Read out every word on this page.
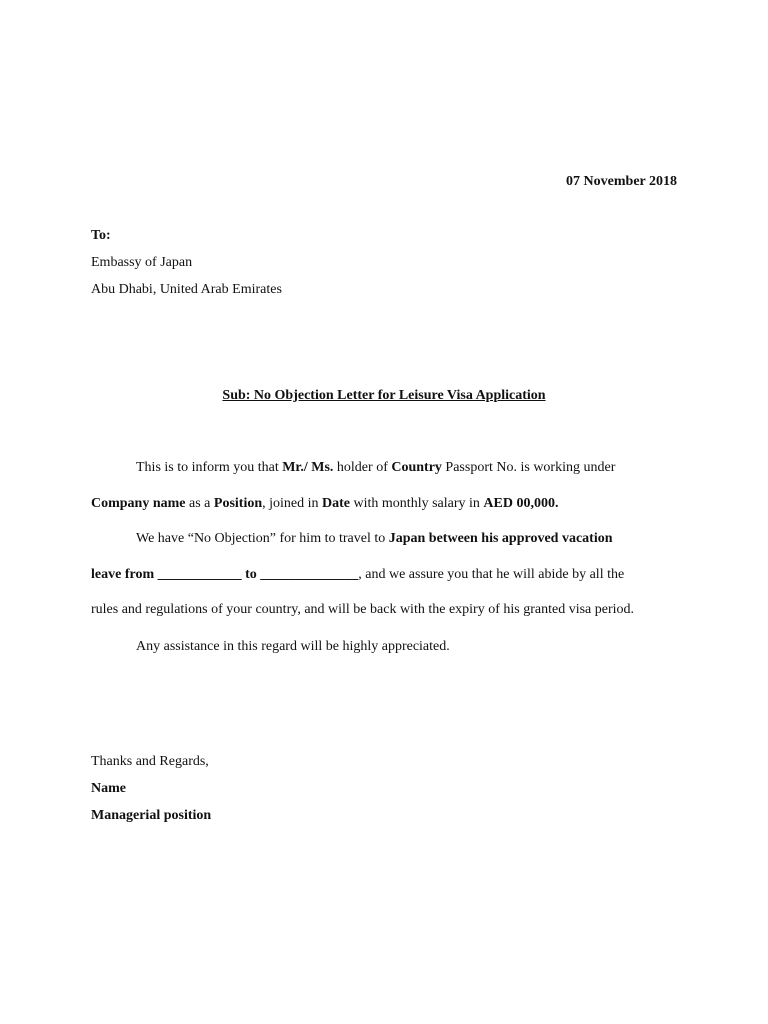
07 November 2018
To:
Embassy of Japan
Abu Dhabi, United Arab Emirates
Sub: No Objection Letter for Leisure Visa Application
This is to inform you that Mr./ Ms. holder of Country Passport No. is working under
Company name as a Position, joined in Date with monthly salary in AED 00,000.
We have “No Objection” for him to travel to Japan between his approved vacation
leave from ____________ to ______________, and we assure you that he will abide by all the
rules and regulations of your country, and will be back with the expiry of his granted visa period.
Any assistance in this regard will be highly appreciated.
Thanks and Regards,
Name
Managerial position
